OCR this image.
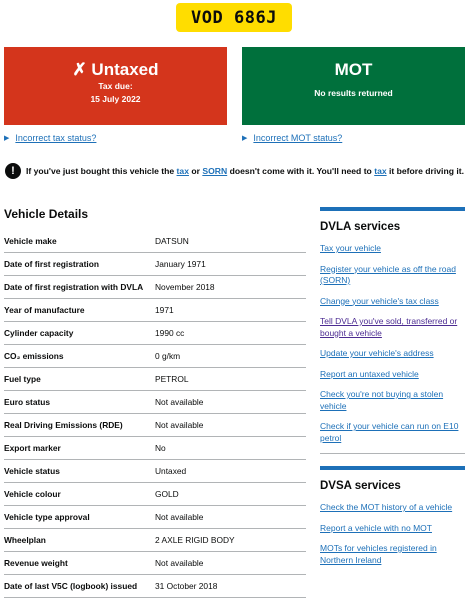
VOD 686J
✗ Untaxed
Tax due:
15 July 2022
MOT
No results returned
▶ Incorrect tax status?	▶ Incorrect MOT status?
!	If you've just bought this vehicle the tax or SORN doesn't come with it. You'll need to tax it before driving it.
Vehicle Details
Vehicle make	DATSUN
Date of first registration	January 1971
Date of first registration with DVLA	November 2018
Year of manufacture	1971
Cylinder capacity	1990 cc
CO₂ emissions	0 g/km
Fuel type	PETROL
Euro status	Not available
Real Driving Emissions (RDE)	Not available
Export marker	No
Vehicle status	Untaxed
Vehicle colour	GOLD
Vehicle type approval	Not available
Wheelplan	2 AXLE RIGID BODY
Revenue weight	Not available
Date of last V5C (logbook) issued	31 October 2018
DVLA services
Tax your vehicle
Register your vehicle as off the road (SORN)
Change your vehicle's tax class
Tell DVLA you've sold, transferred or bought a vehicle
Update your vehicle's address
Report an untaxed vehicle
Check you're not buying a stolen vehicle
Check if your vehicle can run on E10 petrol
DVSA services
Check the MOT history of a vehicle
Report a vehicle with no MOT
MOTs for vehicles registered in Northern Ireland
